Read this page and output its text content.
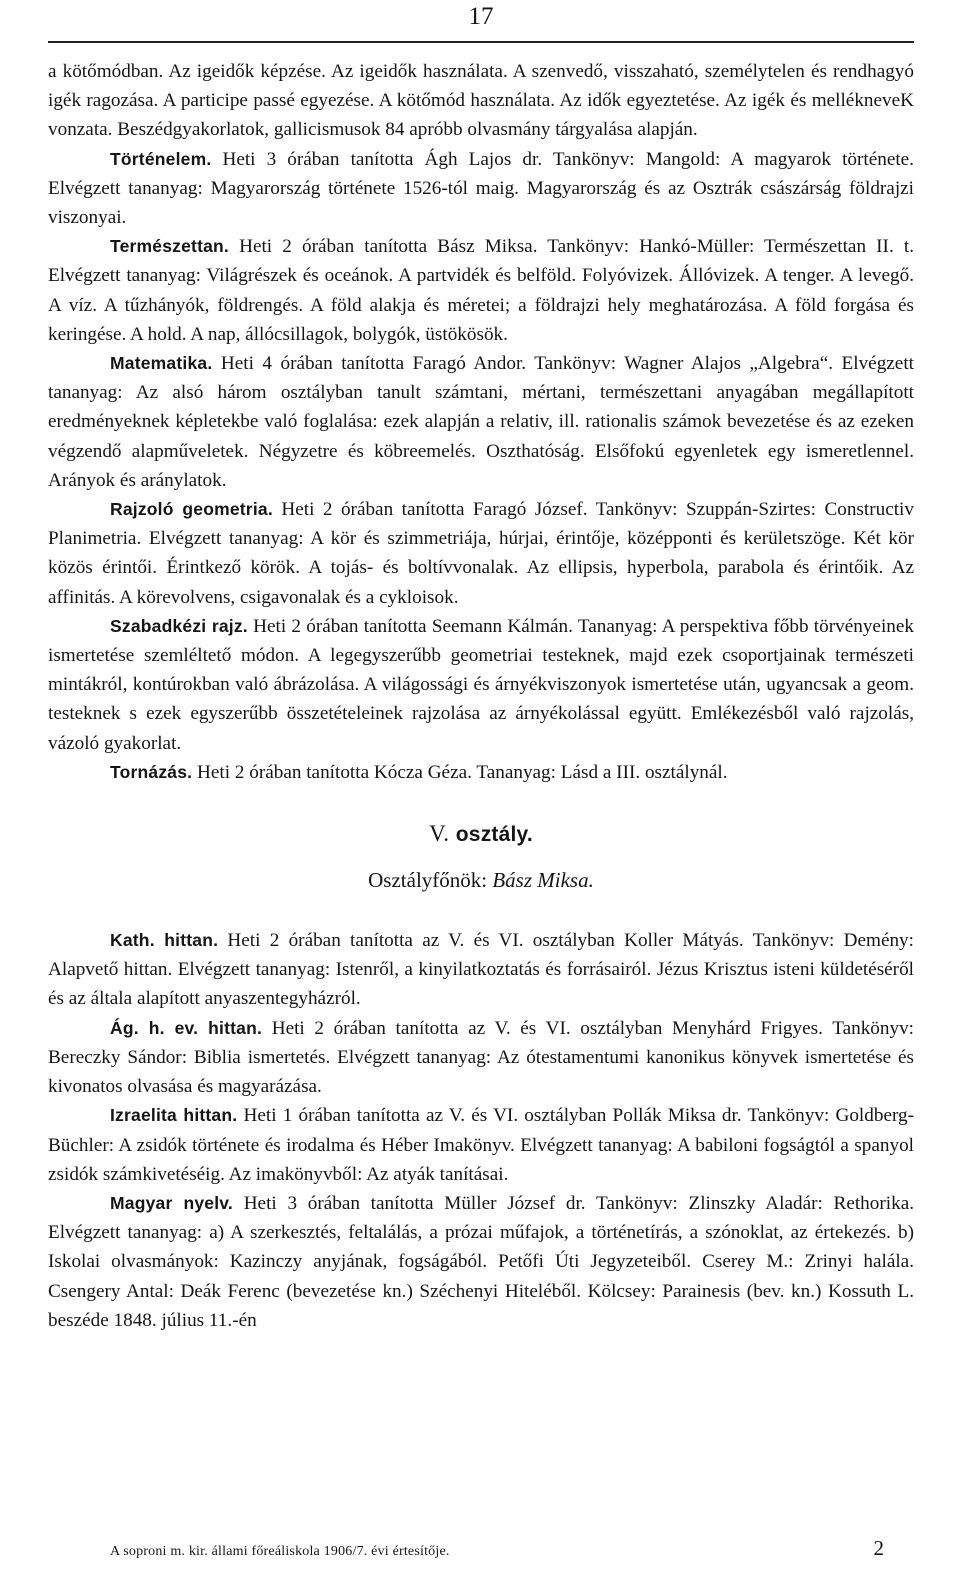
17

a kötőmódban. Az igeidők képzése. Az igeidők használata. A szenvedő, visszaható, személytelen és rendhagyó igék ragozása. A participe passé egyezése. A kötőmód használata. Az idők egyeztetése. Az igék és mellékneveK vonzata. Beszédgyakorlatok, gallicismusok 84 apróbb olvasmány tárgyalása alapján.

Történelem. Heti 3 órában tanította Ágh Lajos dr. Tankönyv: Mangold: A magyarok története. Elvégzett tananyag: Magyarország története 1526-tól maig. Magyarország és az Osztrák császárság földrajzi viszonyai.

Természettan. Heti 2 órában tanította Bász Miksa. Tankönyv: Hankó-Müller: Természettan II. t. Elvégzett tananyag: Világrészek és oceánok. A partvidék és belföld. Folyóvizek. Állóvizek. A tenger. A levegő. A víz. A tűzhányók, földrengés. A föld alakja és méretei; a földrajzi hely meghatározása. A föld forgása és keringése. A hold. A nap, állócsillagok, bolygók, üstökösök.

Matematika. Heti 4 órában tanította Faragó Andor. Tankönyv: Wagner Alajos „Algebra“. Elvégzett tananyag: Az alsó három osztályban tanult számtani, mértani, természettani anyagában megállapított eredményeknek képletekbe való foglalása: ezek alapján a relativ, ill. rationalis számok bevezetése és az ezeken végzendő alapműveletek. Négyzetre és köbreemelés. Oszthatóság. Elsőfokú egyenletek egy ismeretlennel. Arányok és aránylatok.

Rajzoló geometria. Heti 2 órában tanította Faragó József. Tankönyv: Szuppán-Szirtes: Constructiv Planimetria. Elvégzett tananyag: A kör és szimmetriája, húrjai, érintője, középponti és kerületszöge. Két kör közös érintői. Érintkező körök. A tojás- és boltívvonalak. Az ellipsis, hyperbola, parabola és érintőik. Az affinitás. A körevolvens, csigavonalak és a cykloisok.

Szabadkézi rajz. Heti 2 órában tanította Seemann Kálmán. Tananyag: A perspektiva főbb törvényeinek ismertetése szemléltető módon. A legegyszerűbb geometriai testeknek, majd ezek csoportjainak természeti mintákról, kontúrokban való ábrázolása. A világossági és árnyékviszonyok ismertetése után, ugyancsak a geom. testeknek s ezek egyszerűbb összetételeinek rajzolása az árnyékolással együtt. Emlékezésből való rajzolás, vázoló gyakorlat.

Tornázás. Heti 2 órában tanította Kócza Géza. Tananyag: Lásd a III. osztálynál.

V. osztály.
Osztályfőnök: Bász Miksa.

Kath. hittan. Heti 2 órában tanította az V. és VI. osztályban Koller Mátyás. Tankönyv: Demény: Alapvető hittan. Elvégzett tananyag: Istenről, a kinyilatkoztatás és forrásairól. Jézus Krisztus isteni küldetéséről és az általa alapított anyaszentegyházról.

Ág. h. ev. hittan. Heti 2 órában tanította az V. és VI. osztályban Menyhárd Frigyes. Tankönyv: Bereczky Sándor: Biblia ismertetés. Elvégzett tananyag: Az ótestamentumi kanonikus könyvek ismertetése és kivonatos olvasása és magyarázása.

Izraelita hittan. Heti 1 órában tanította az V. és VI. osztályban Pollák Miksa dr. Tankönyv: Goldberg-Büchler: A zsidók története és irodalma és Héber Imakönyv. Elvégzett tananyag: A babiloni fogságtól a spanyol zsidók számkivetéséig. Az imakönyvből: Az atyák tanításai.

Magyar nyelv. Heti 3 órában tanította Müller József dr. Tankönyv: Zlinszky Aladár: Rethorika. Elvégzett tananyag: a) A szerkesztés, feltalálás, a prózai műfajok, a történetírás, a szónoklat, az értekezés. b) Iskolai olvasmányok: Kazinczy anyjának, fogságából. Petőfi Úti Jegyzeteiből. Cserey M.: Zrinyi halála. Csengery Antal: Deák Ferenc (bevezetése kn.) Széchenyi Hiteléből. Kölcsey: Parainesis (bev. kn.) Kossuth L. beszéde 1848. július 11.-én

A soproni m. kir. állami főreáliskola 1906/7. évi értesítője.	2
